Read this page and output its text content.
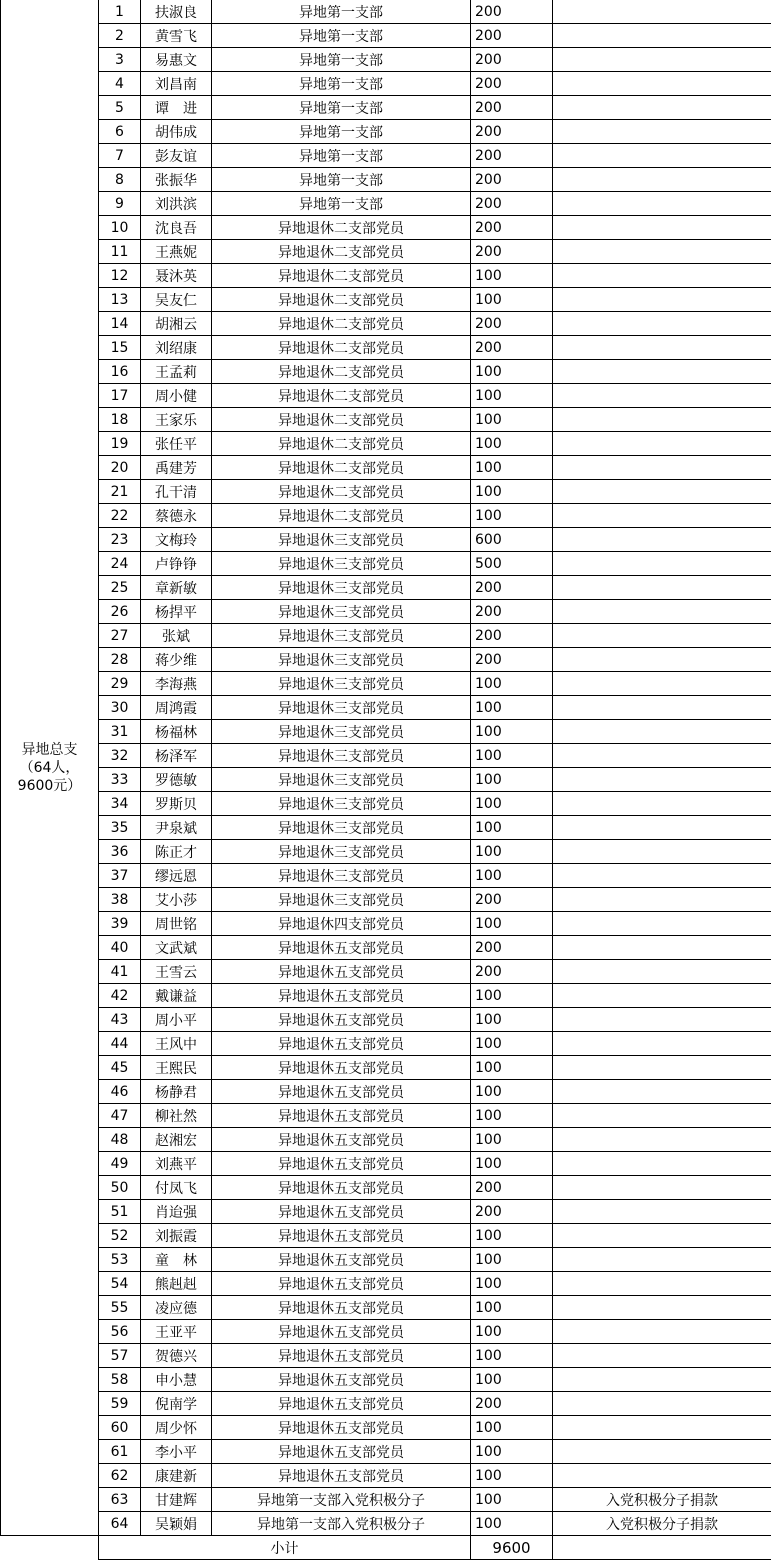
异地总支
（64人，
9600元）	1	扶淑良	异地第一支部	200	
	2	黄雪飞	异地第一支部	200	
	3	易惠文	异地第一支部	200	
	4	刘昌南	异地第一支部	200	
	5	谭　进	异地第一支部	200	
	6	胡伟成	异地第一支部	200	
	7	彭友谊	异地第一支部	200	
	8	张振华	异地第一支部	200	
	9	刘洪滨	异地第一支部	200	
	10	沈良吾	异地退休二支部党员	200	
	11	王燕妮	异地退休二支部党员	200	
	12	聂沐英	异地退休二支部党员	100	
	13	吴友仁	异地退休二支部党员	100	
	14	胡湘云	异地退休二支部党员	200	
	15	刘绍康	异地退休二支部党员	200	
	16	王孟莉	异地退休二支部党员	100	
	17	周小健	异地退休二支部党员	100	
	18	王家乐	异地退休二支部党员	100	
	19	张任平	异地退休二支部党员	100	
	20	禹建芳	异地退休二支部党员	100	
	21	孔干清	异地退休二支部党员	100	
	22	蔡德永	异地退休二支部党员	100	
	23	文梅玲	异地退休三支部党员	600	
	24	卢铮铮	异地退休三支部党员	500	
	25	章新敏	异地退休三支部党员	200	
	26	杨捍平	异地退休三支部党员	200	
	27	张斌	异地退休三支部党员	200	
	28	蒋少维	异地退休三支部党员	200	
	29	李海燕	异地退休三支部党员	100	
	30	周鸿霞	异地退休三支部党员	100	
	31	杨福林	异地退休三支部党员	100	
	32	杨泽军	异地退休三支部党员	100	
	33	罗德敏	异地退休三支部党员	100	
	34	罗斯贝	异地退休三支部党员	100	
	35	尹泉斌	异地退休三支部党员	100	
	36	陈正才	异地退休三支部党员	100	
	37	缪远恩	异地退休三支部党员	100	
	38	艾小莎	异地退休三支部党员	200	
	39	周世铭	异地退休四支部党员	100	
	40	文武斌	异地退休五支部党员	200	
	41	王雪云	异地退休五支部党员	200	
	42	戴谦益	异地退休五支部党员	100	
	43	周小平	异地退休五支部党员	100	
	44	王风中	异地退休五支部党员	100	
	45	王熙民	异地退休五支部党员	100	
	46	杨静君	异地退休五支部党员	100	
	47	柳社然	异地退休五支部党员	100	
	48	赵湘宏	异地退休五支部党员	100	
	49	刘燕平	异地退休五支部党员	100	
	50	付凤飞	异地退休五支部党员	200	
	51	肖迨强	异地退休五支部党员	200	
	52	刘振霞	异地退休五支部党员	100	
	53	童　林	异地退休五支部党员	100	
	54	熊赳赳	异地退休五支部党员	100	
	55	凌应德	异地退休五支部党员	100	
	56	王亚平	异地退休五支部党员	100	
	57	贺德兴	异地退休五支部党员	100	
	58	申小慧	异地退休五支部党员	100	
	59	倪南学	异地退休五支部党员	200	
	60	周少怀	异地退休五支部党员	100	
	61	李小平	异地退休五支部党员	100	
	62	康建新	异地退休五支部党员	100	
	63	甘建辉	异地第一支部入党积极分子	100	入党积极分子捐款
	64	吴颖娟	异地第一支部入党积极分子	100	入党积极分子捐款
	小计			9600	
